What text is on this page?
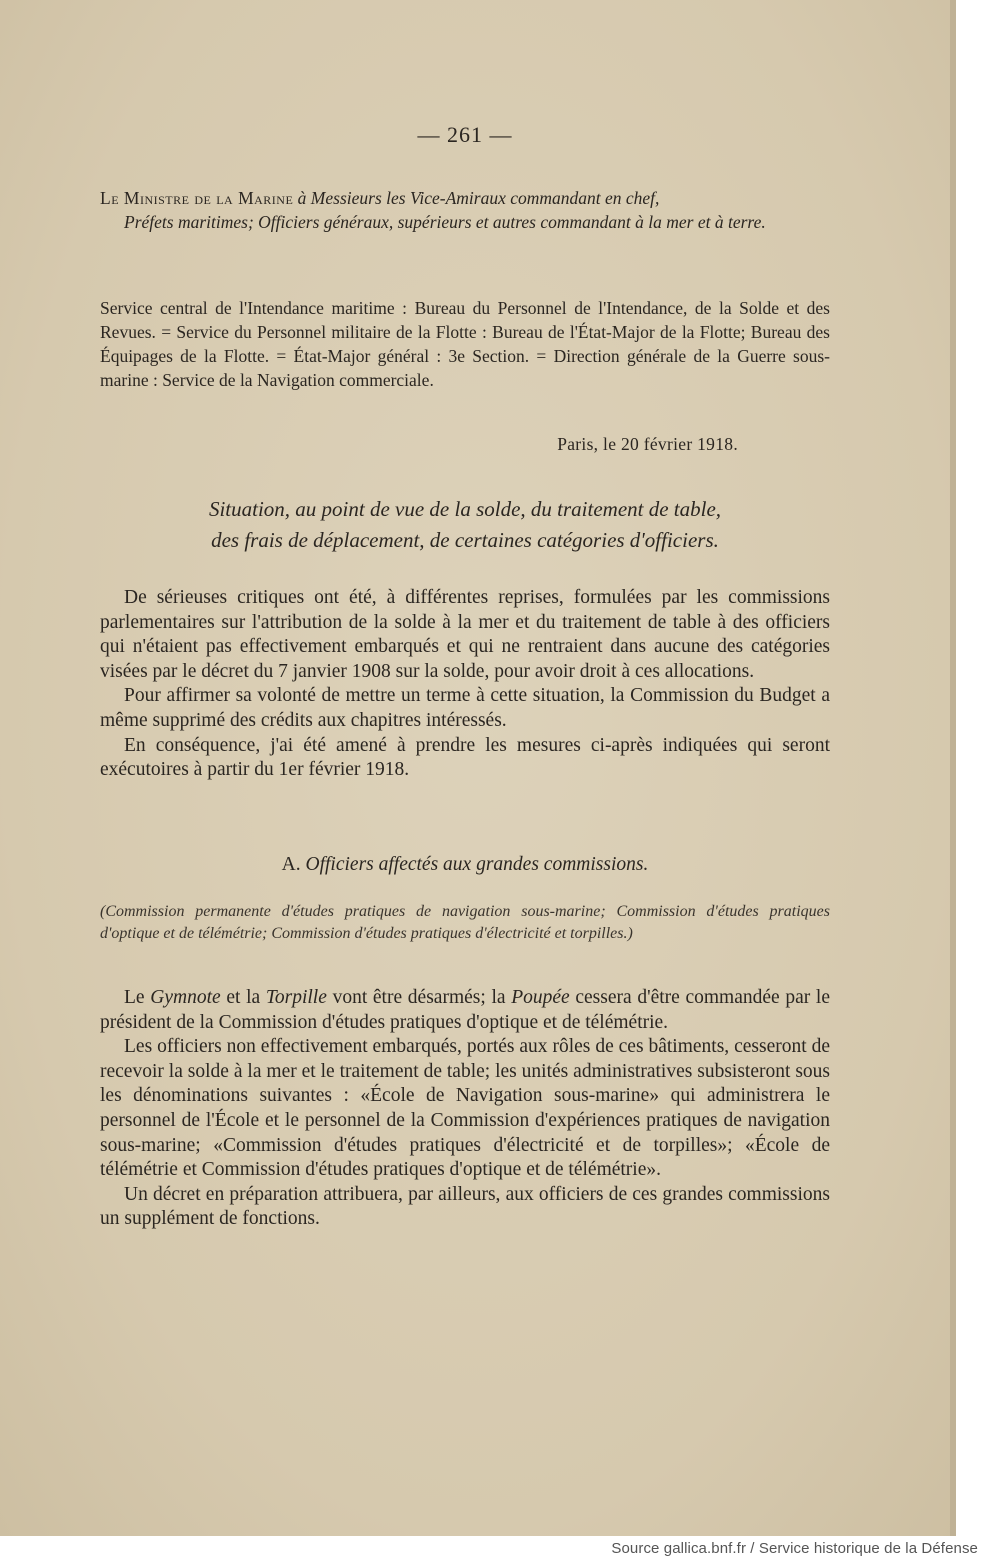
— 261 —
Le Ministre de la Marine à Messieurs les Vice-Amiraux commandant en chef,
Préfets maritimes; Officiers généraux, supérieurs et autres commandant à la mer et à terre.
Service central de l'Intendance maritime : Bureau du Personnel de l'Intendance, de la Solde et des Revues. = Service du Personnel militaire de la Flotte : Bureau de l'État-Major de la Flotte; Bureau des Équipages de la Flotte. = État-Major général : 3e Section. = Direction générale de la Guerre sous-marine : Service de la Navigation commerciale.
Paris, le 20 février 1918.
Situation, au point de vue de la solde, du traitement de table,
des frais de déplacement, de certaines catégories d'officiers.

De sérieuses critiques ont été, à différentes reprises, formulées par les commissions parlementaires sur l'attribution de la solde à la mer et du traitement de table à des officiers qui n'étaient pas effectivement embarqués et qui ne rentraient dans aucune des catégories visées par le décret du 7 janvier 1908 sur la solde, pour avoir droit à ces allocations.

Pour affirmer sa volonté de mettre un terme à cette situation, la Commission du Budget a même supprimé des crédits aux chapitres intéressés.

En conséquence, j'ai été amené à prendre les mesures ci-après indiquées qui seront exécutoires à partir du 1er février 1918.

A. Officiers affectés aux grandes commissions.
(Commission permanente d'études pratiques de navigation sous-marine; Commission d'études pratiques d'optique et de télémétrie; Commission d'études pratiques d'électricité et torpilles.)

Le Gymnote et la Torpille vont être désarmés; la Poupée cessera d'être commandée par le président de la Commission d'études pratiques d'optique et de télémétrie.

Les officiers non effectivement embarqués, portés aux rôles de ces bâtiments, cesseront de recevoir la solde à la mer et le traitement de table; les unités administratives subsisteront sous les dénominations suivantes : «École de Navigation sous-marine» qui administrera le personnel de l'École et le personnel de la Commission d'expériences pratiques de navigation sous-marine; «Commission d'études pratiques d'électricité et de torpilles»; «École de télémétrie et Commission d'études pratiques d'optique et de télémétrie».

Un décret en préparation attribuera, par ailleurs, aux officiers de ces grandes commissions un supplément de fonctions.

Source gallica.bnf.fr / Service historique de la Défense
